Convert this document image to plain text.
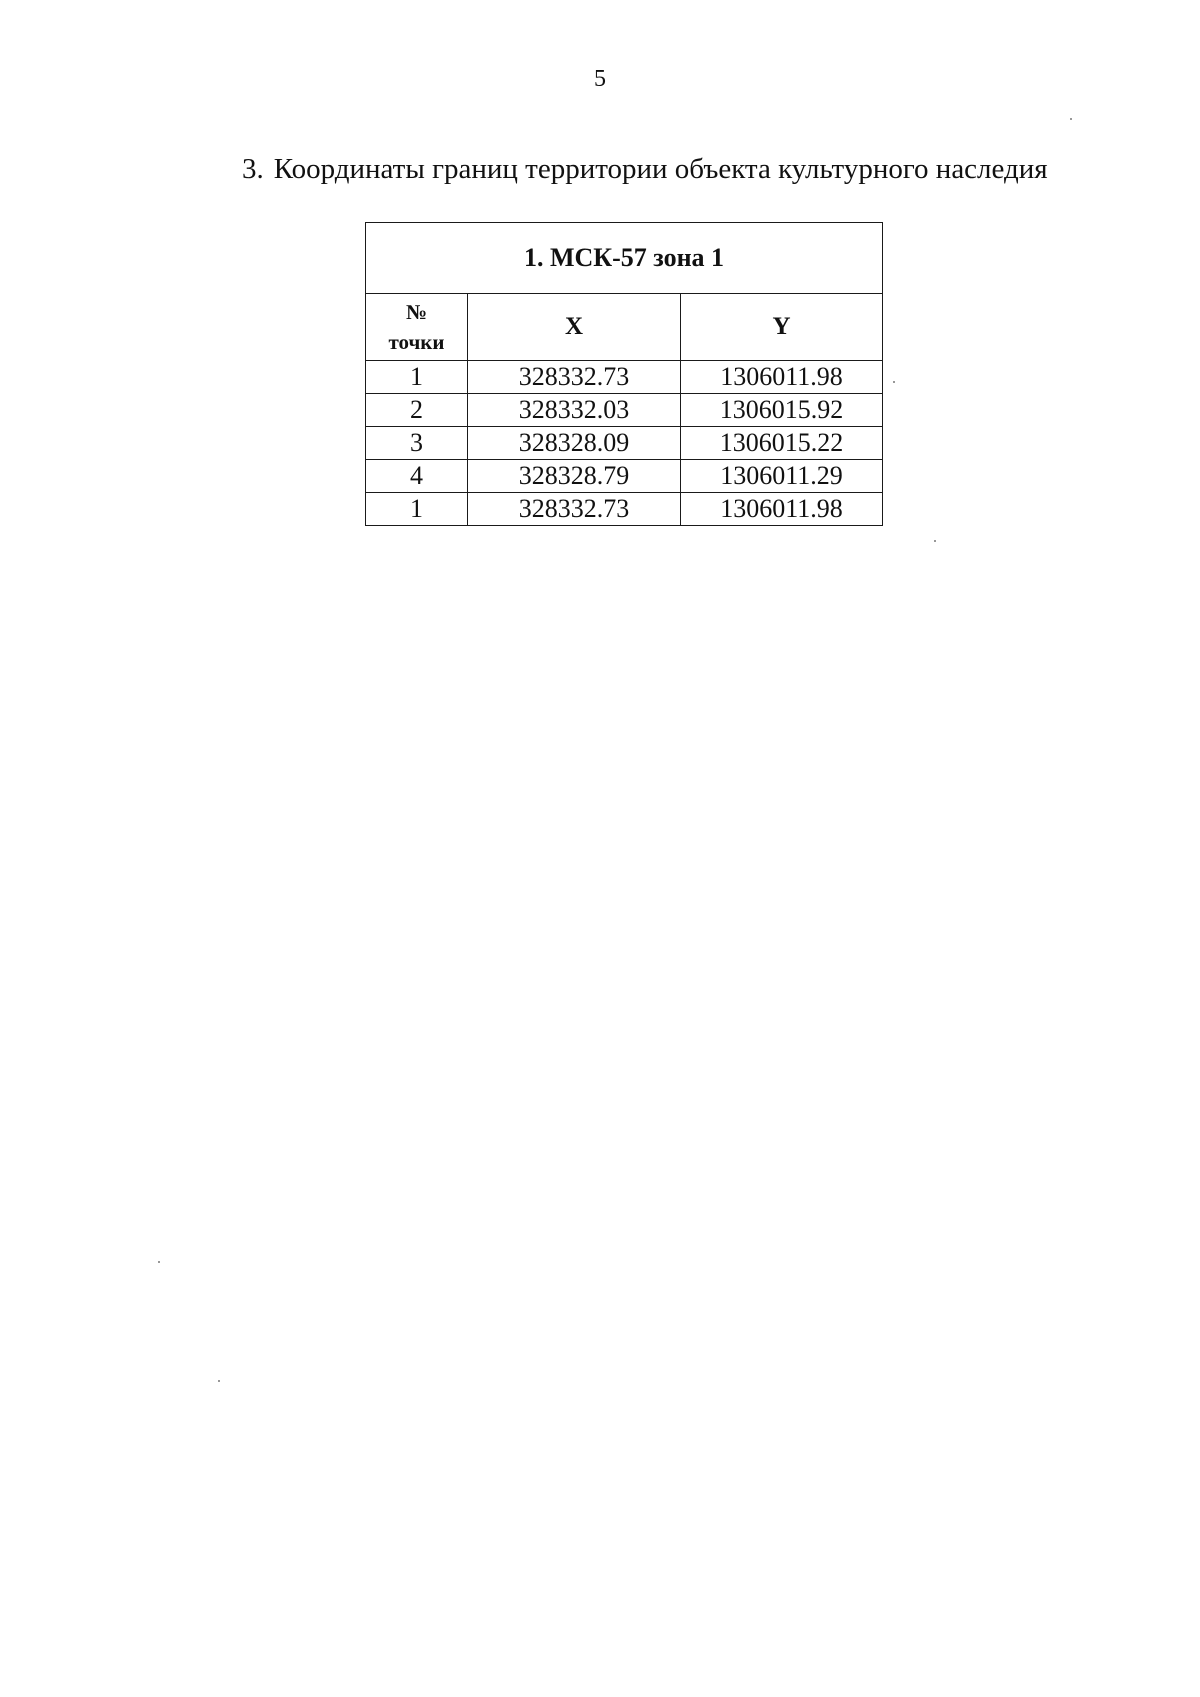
5
3. Координаты границ территории объекта культурного наследия
1. МСК-57 зона 1		

№
точки	X	Y
1	328332.73	1306011.98
2	328332.03	1306015.92
3	328328.09	1306015.22
4	328328.79	1306011.29
1	328332.73	1306011.98
